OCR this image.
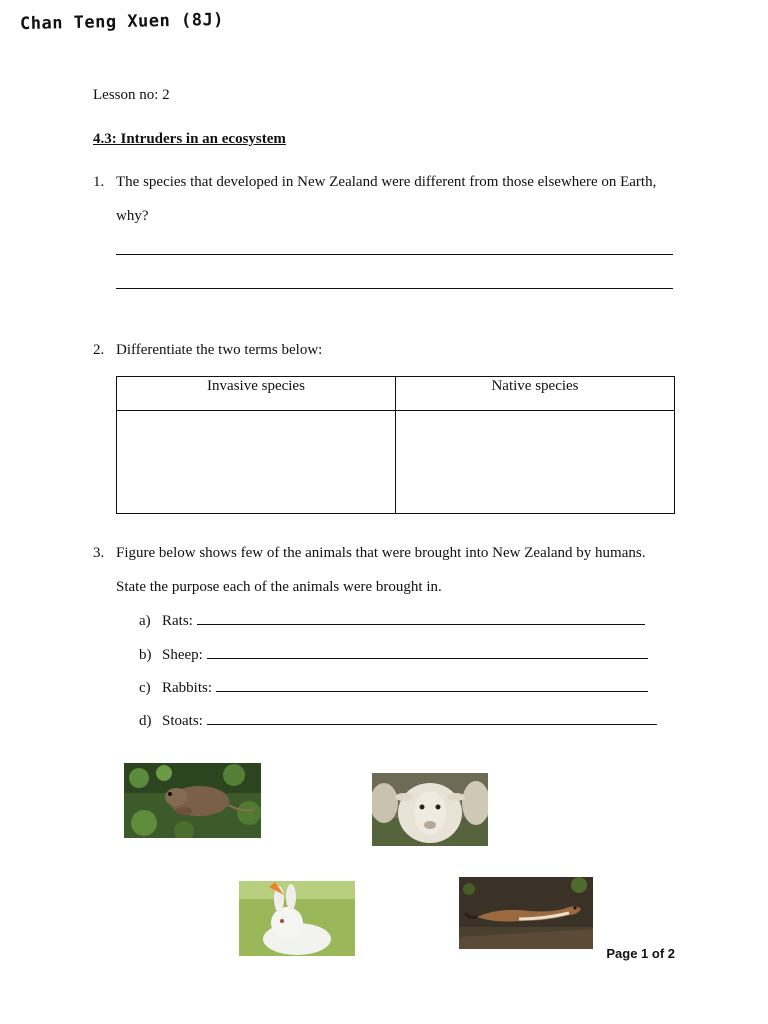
Chan Teng Xuen (8J)
Lesson no: 2
4.3: Intruders in an ecosystem
1. The species that developed in New Zealand were different from those elsewhere on Earth,
why?
2. Differentiate the two terms below:
Invasive species	Native species

3. Figure below shows few of the animals that were brought into New Zealand by humans.
State the purpose each of the animals were brought in.
a) Rats:
b) Sheep:
c) Rabbits:
d) Stoats:
Page 1 of 2
